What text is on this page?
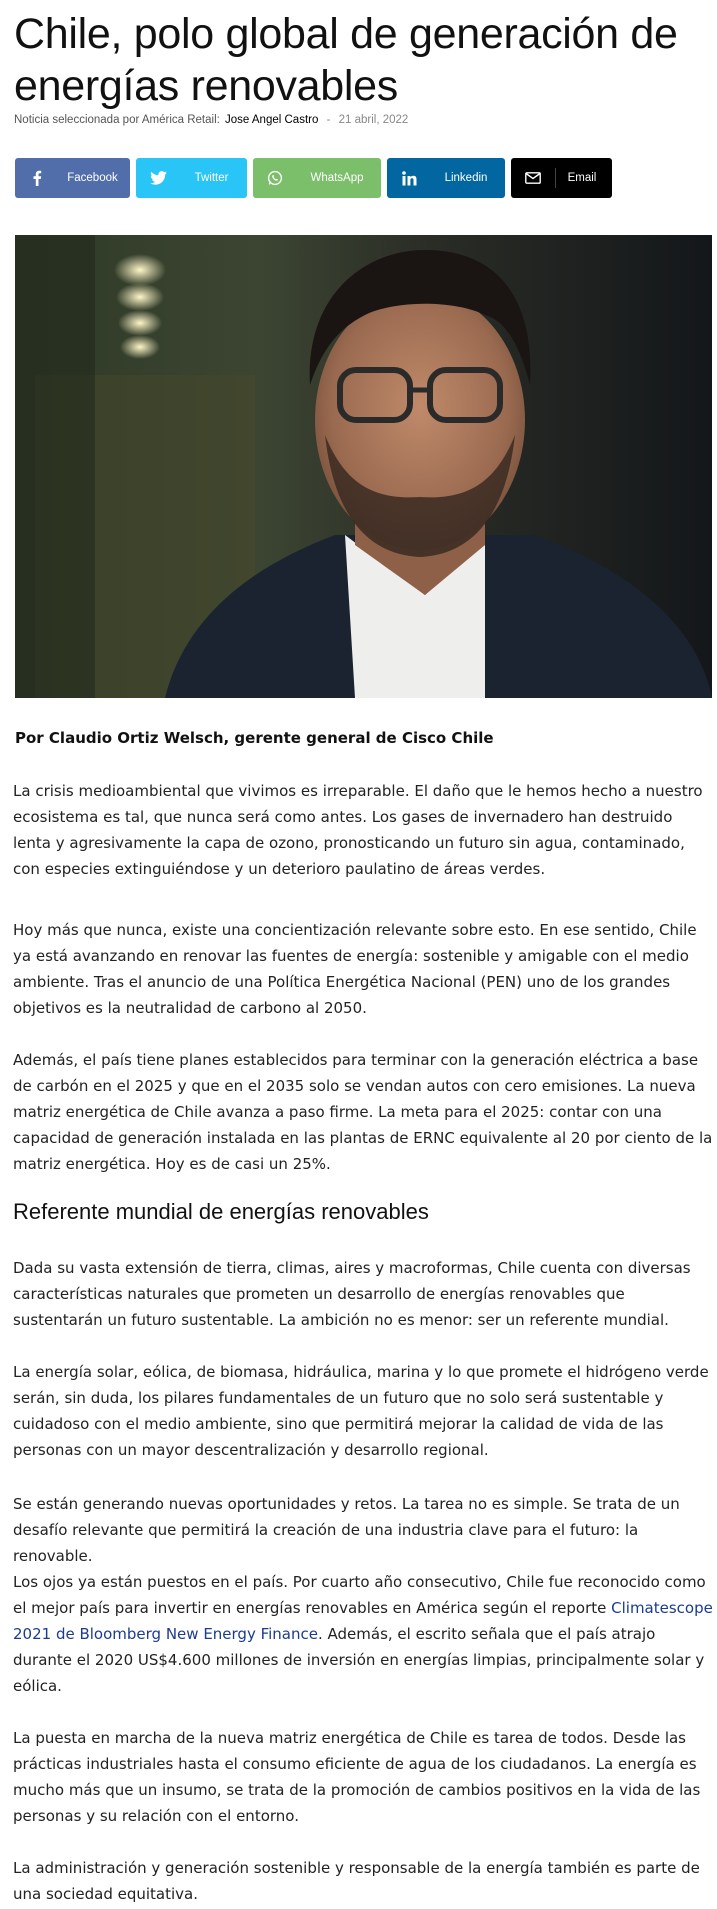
Chile, polo global de generación de energías renovables
Noticia seleccionada por América Retail: Jose Angel Castro - 21 abril, 2022
Facebook	Twitter	WhatsApp	Linkedin	Email
Por Claudio Ortiz Welsch, gerente general de Cisco Chile

La crisis medioambiental que vivimos es irreparable. El daño que le hemos hecho a nuestro ecosistema es tal, que nunca será como antes. Los gases de invernadero han destruido lenta y agresivamente la capa de ozono, pronosticando un futuro sin agua, contaminado, con especies extinguiéndose y un deterioro paulatino de áreas verdes.

Hoy más que nunca, existe una concientización relevante sobre esto. En ese sentido, Chile ya está avanzando en renovar las fuentes de energía: sostenible y amigable con el medio ambiente. Tras el anuncio de una Política Energética Nacional (PEN) uno de los grandes objetivos es la neutralidad de carbono al 2050.

Además, el país tiene planes establecidos para terminar con la generación eléctrica a base de carbón en el 2025 y que en el 2035 solo se vendan autos con cero emisiones. La nueva matriz energética de Chile avanza a paso firme. La meta para el 2025: contar con una capacidad de generación instalada en las plantas de ERNC equivalente al 20 por ciento de la matriz energética. Hoy es de casi un 25%.

Referente mundial de energías renovables

Dada su vasta extensión de tierra, climas, aires y macroformas, Chile cuenta con diversas características naturales que prometen un desarrollo de energías renovables que sustentarán un futuro sustentable. La ambición no es menor: ser un referente mundial.

La energía solar, eólica, de biomasa, hidráulica, marina y lo que promete el hidrógeno verde serán, sin duda, los pilares fundamentales de un futuro que no solo será sustentable y cuidadoso con el medio ambiente, sino que permitirá mejorar la calidad de vida de las personas con un mayor descentralización y desarrollo regional.

Se están generando nuevas oportunidades y retos. La tarea no es simple. Se trata de un desafío relevante que permitirá la creación de una industria clave para el futuro: la renovable.

Los ojos ya están puestos en el país. Por cuarto año consecutivo, Chile fue reconocido como el mejor país para invertir en energías renovables en América según el reporte Climatescope 2021 de Bloomberg New Energy Finance. Además, el escrito señala que el país atrajo durante el 2020 US$4.600 millones de inversión en energías limpias, principalmente solar y eólica.

La puesta en marcha de la nueva matriz energética de Chile es tarea de todos. Desde las prácticas industriales hasta el consumo eficiente de agua de los ciudadanos. La energía es mucho más que un insumo, se trata de la promoción de cambios positivos en la vida de las personas y su relación con el entorno.

La administración y generación sostenible y responsable de la energía también es parte de una sociedad equitativa.
